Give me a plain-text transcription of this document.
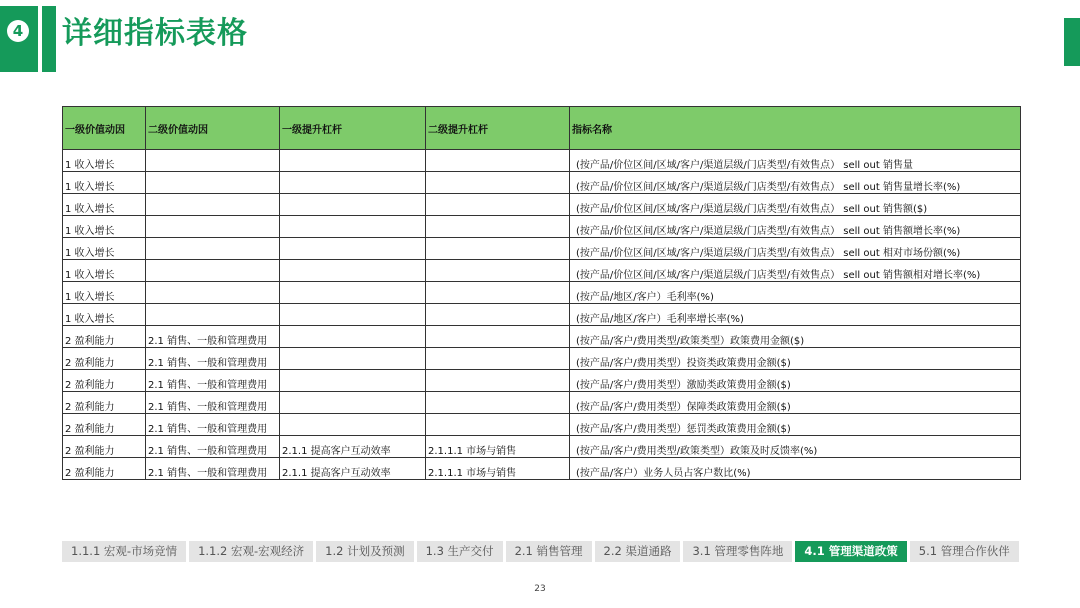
4 详细指标表格
一级价值动因	二级价值动因	一级提升杠杆	二级提升杠杆	指标名称
1 收入增长				(按产品/价位区间/区域/客户/渠道层级/门店类型/有效售点） sell out 销售量
1 收入增长				(按产品/价位区间/区域/客户/渠道层级/门店类型/有效售点） sell out 销售量增长率(%)
1 收入增长				(按产品/价位区间/区域/客户/渠道层级/门店类型/有效售点） sell out 销售额($)
1 收入增长				(按产品/价位区间/区域/客户/渠道层级/门店类型/有效售点） sell out 销售额增长率(%)
1 收入增长				(按产品/价位区间/区域/客户/渠道层级/门店类型/有效售点） sell out 相对市场份额(%)
1 收入增长				(按产品/价位区间/区域/客户/渠道层级/门店类型/有效售点） sell out 销售额相对增长率(%)
1 收入增长				(按产品/地区/客户）毛利率(%)
1 收入增长				(按产品/地区/客户）毛利率增长率(%)
2 盈利能力	2.1 销售、一般和管理费用			(按产品/客户/费用类型/政策类型）政策费用金额($)
2 盈利能力	2.1 销售、一般和管理费用			(按产品/客户/费用类型）投资类政策费用金额($)
2 盈利能力	2.1 销售、一般和管理费用			(按产品/客户/费用类型）激励类政策费用金额($)
2 盈利能力	2.1 销售、一般和管理费用			(按产品/客户/费用类型）保障类政策费用金额($)
2 盈利能力	2.1 销售、一般和管理费用			(按产品/客户/费用类型）惩罚类政策费用金额($)
2 盈利能力	2.1 销售、一般和管理费用	2.1.1 提高客户互动效率	2.1.1.1 市场与销售	(按产品/客户/费用类型/政策类型）政策及时反馈率(%)
2 盈利能力	2.1 销售、一般和管理费用	2.1.1 提高客户互动效率	2.1.1.1 市场与销售	(按产品/客户）业务人员占客户数比(%)
1.1.1 宏观-市场竞情	1.1.2 宏观-宏观经济	1.2 计划及预测	1.3 生产交付	2.1 销售管理	2.2 渠道通路	3.1 管理零售阵地	4.1 管理渠道政策	5.1 管理合作伙伴
23
